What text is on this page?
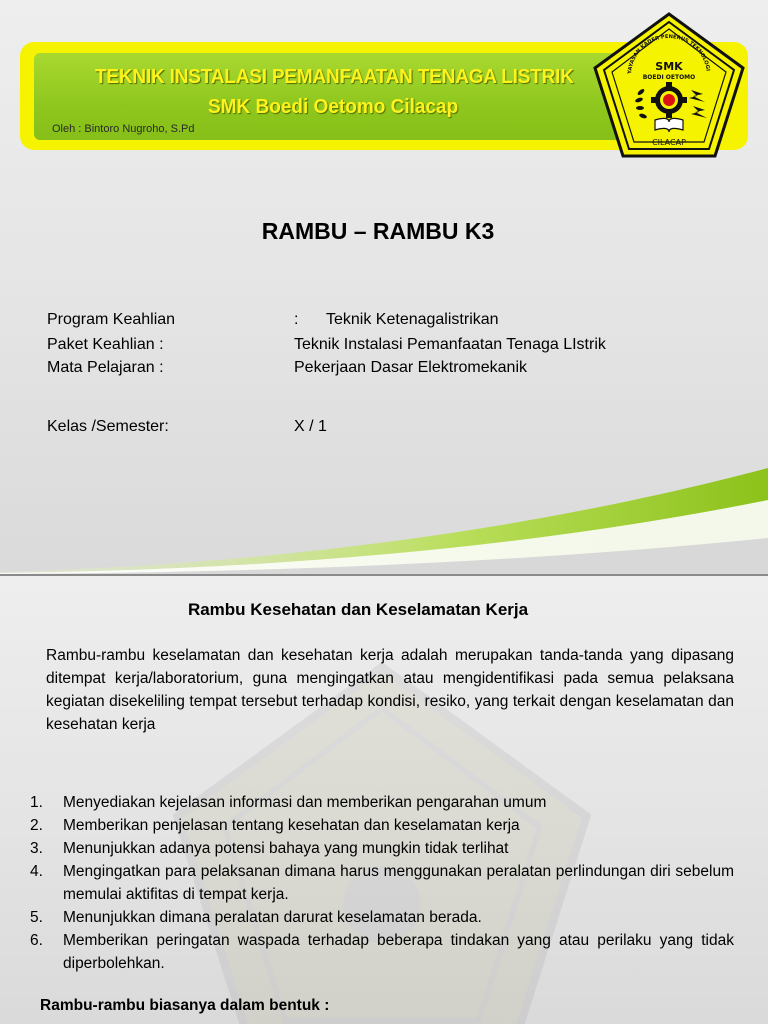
TEKNIK INSTALASI PEMANFAATAN TENAGA LISTRIK
SMK Boedi Oetomo Cilacap
Oleh : Bintoro Nugroho, S.Pd
YAYASAN KADER PENERUS TEKNOLOGI
SMK
BOEDI OETOMO
CILACAP
RAMBU – RAMBU K3
Program Keahlian	: Teknik Ketenagalistrikan
Paket Keahlian :	Teknik Instalasi Pemanfaatan Tenaga LIstrik
Mata Pelajaran :	Pekerjaan Dasar Elektromekanik
Kelas /Semester:	X / 1
Rambu Kesehatan dan Keselamatan Kerja
Rambu-rambu keselamatan dan kesehatan kerja adalah merupakan tanda-tanda yang dipasang ditempat kerja/laboratorium, guna mengingatkan atau mengidentifikasi pada semua pelaksana kegiatan disekeliling tempat tersebut terhadap kondisi, resiko, yang terkait dengan keselamatan dan kesehatan kerja
1. Menyediakan kejelasan informasi dan memberikan pengarahan umum
2. Memberikan penjelasan tentang kesehatan dan keselamatan kerja
3. Menunjukkan adanya potensi bahaya yang mungkin tidak terlihat
4. Mengingatkan para pelaksanan dimana harus menggunakan peralatan perlindungan diri sebelum memulai aktifitas di tempat kerja.
5. Menunjukkan dimana peralatan darurat keselamatan berada.
6. Memberikan peringatan waspada terhadap beberapa tindakan yang atau perilaku yang tidak diperbolehkan.
Rambu-rambu biasanya dalam bentuk :
